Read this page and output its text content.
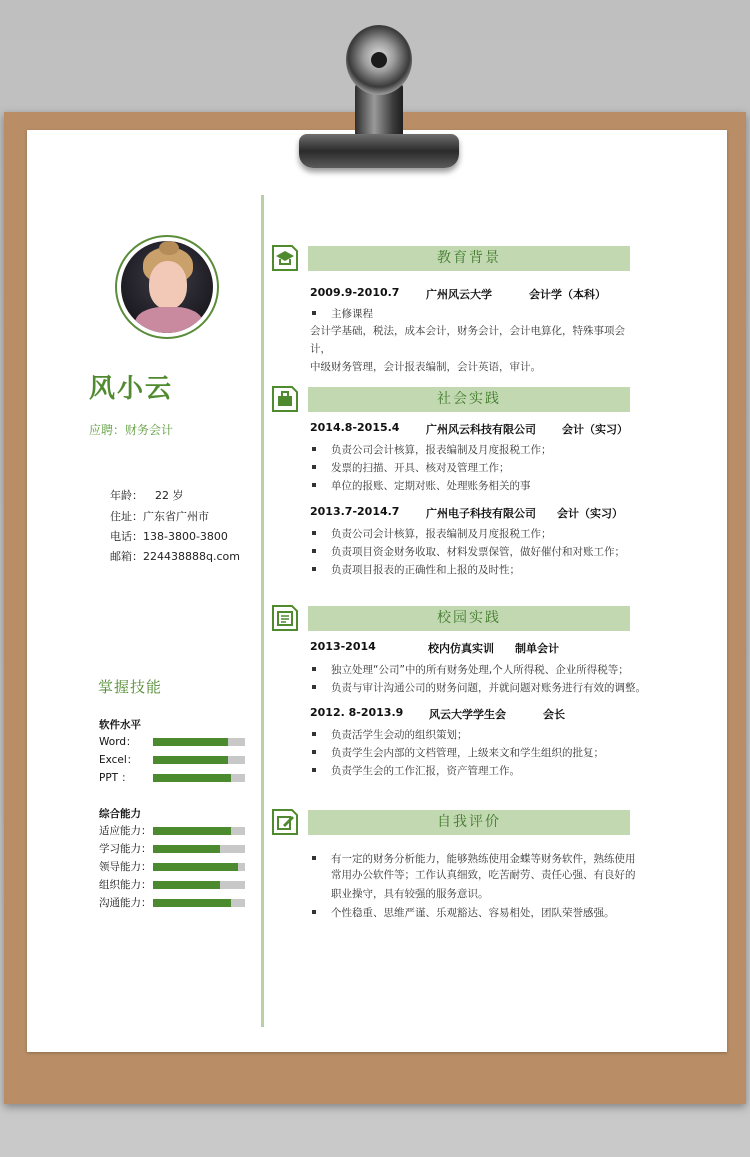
风小云
应聘：财务会计
年龄： 22 岁
住址：广东省广州市
电话：138-3800-3800
邮箱：224438888q.com
掌握技能
软件水平
综合能力
Word：
Excel：
PPT ：
适应能力：
学习能力：
领导能力：
组织能力：
沟通能力：
教育背景
2009.9-2010.7 广州风云大学	会计学（本科）
主修课程
会计学基础，税法，成本会计，财务会计，会计电算化，特殊事项会计，
中级财务管理，会计报表编制，会计英语，审计。
社会实践
2014.8-2015.4 广州风云科技有限公司 会计（实习）
负责公司会计核算，报表编制及月度报税工作；
发票的扫描、开具、核对及管理工作；
单位的报账、定期对账、处理账务相关的事
2013.7-2014.7 广州电子科技有限公司 会计（实习）
负责公司会计核算，报表编制及月度报税工作；
负责项目资金财务收取、材料发票保管，做好催付和对账工作；
负责项目报表的正确性和上报的及时性；
校园实践
2013-2014	校内仿真实训 制单会计
独立处理“公司”中的所有财务处理,个人所得税、企业所得税等；
负责与审计沟通公司的财务问题，并就问题对账务进行有效的调整。
2012. 8-2013.9 风云大学学生会	会长
负责活学生会动的组织策划；
负责学生会内部的文档管理，上级来文和学生组织的批复；
负责学生会的工作汇报，资产管理工作。
自我评价
有一定的财务分析能力，能够熟练使用金蝶等财务软件，熟练使用
常用办公软件等；工作认真细致，吃苦耐劳、责任心强、有良好的
职业操守，具有较强的服务意识。
个性稳重、思维严谨、乐观豁达、容易相处，团队荣誉感强。
